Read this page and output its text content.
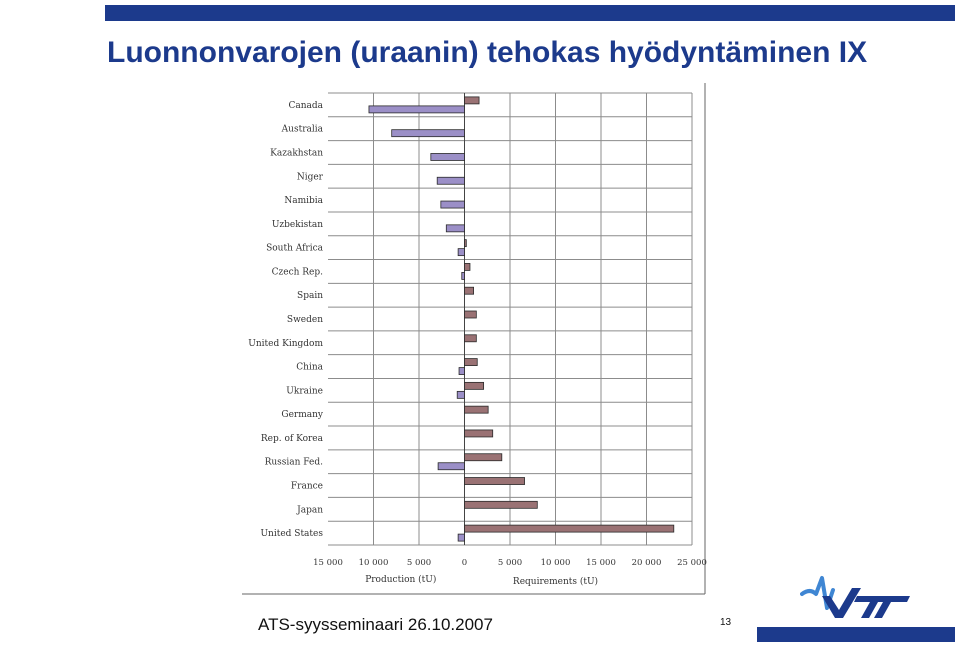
Luonnonvarojen (uraanin) tehokas hyödyntäminen IX
Canada
Australia
Kazakhstan
Niger
Namibia
Uzbekistan
South Africa
Czech Rep.
Spain
Sweden
United Kingdom
China
Ukraine
Germany
Rep. of Korea
Russian Fed.
France
Japan
United States
15 000 10 000 5 000	0	5 000 10 000 15 000 20 000 25 000
Production (tU)	Requirements (tU)
ATS-syysseminaari 26.10.2007	13
